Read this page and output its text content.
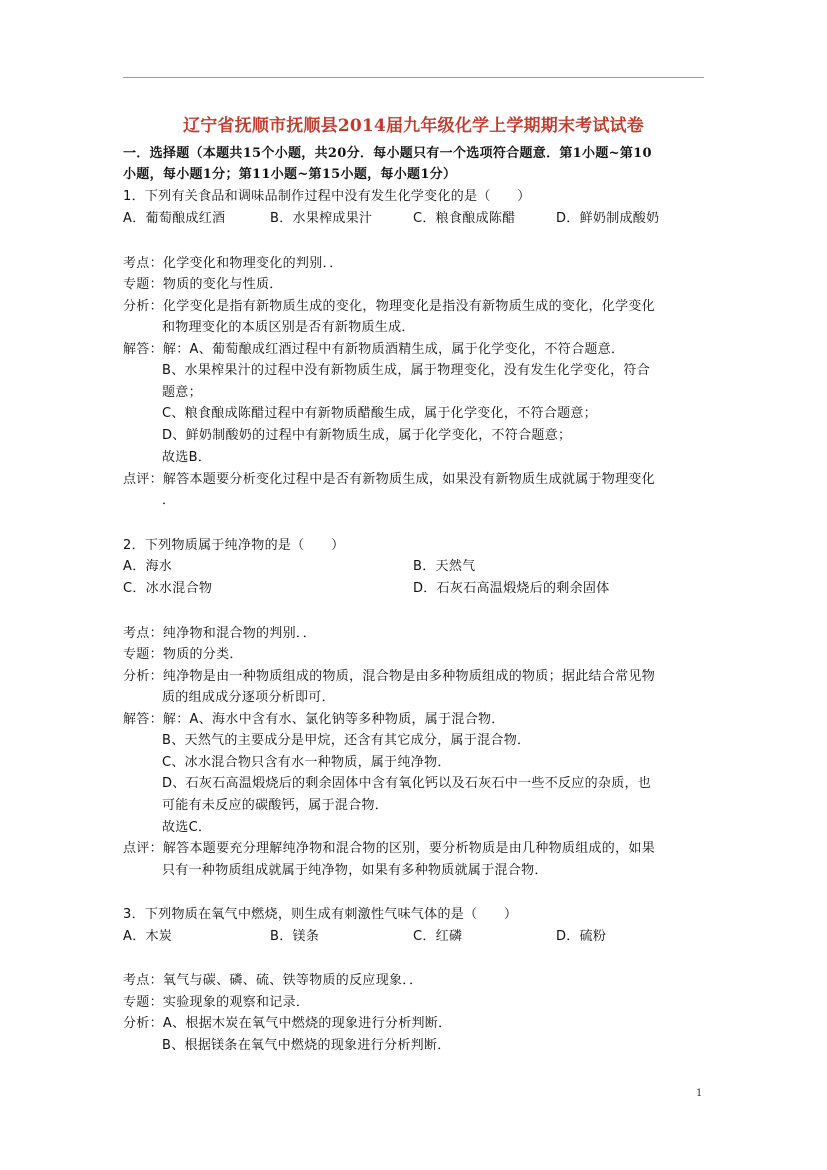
辽宁省抚顺市抚顺县2014届九年级化学上学期期末考试试卷
一．选择题（本题共15个小题，共20分．每小题只有一个选项符合题意．第1小题~第10
小题，每小题1分；第11小题~第15小题，每小题1分）
1．下列有关食品和调味品制作过程中没有发生化学变化的是（　　）
A．葡萄酿成红酒	B．水果榨成果汁	C．粮食酿成陈醋	D．鲜奶制成酸奶
考点：化学变化和物理变化的判别．．
专题：物质的变化与性质．
分析：化学变化是指有新物质生成的变化，物理变化是指没有新物质生成的变化，化学变化
和物理变化的本质区别是否有新物质生成．
解答：解：A、葡萄酿成红酒过程中有新物质酒精生成，属于化学变化，不符合题意．
B、水果榨果汁的过程中没有新物质生成，属于物理变化，没有发生化学变化，符合
题意；
C、粮食酿成陈醋过程中有新物质醋酸生成，属于化学变化，不符合题意；
D、鲜奶制酸奶的过程中有新物质生成，属于化学变化，不符合题意；
故选B．
点评：解答本题要分析变化过程中是否有新物质生成，如果没有新物质生成就属于物理变化
．
2．下列物质属于纯净物的是（　　）
A．海水	B．天然气
C．冰水混合物	D．石灰石高温煅烧后的剩余固体
考点：纯净物和混合物的判别．．
专题：物质的分类．
分析：纯净物是由一种物质组成的物质，混合物是由多种物质组成的物质；据此结合常见物
质的组成成分逐项分析即可．
解答：解：A、海水中含有水、氯化钠等多种物质，属于混合物．
B、天然气的主要成分是甲烷，还含有其它成分，属于混合物．
C、冰水混合物只含有水一种物质，属于纯净物．
D、石灰石高温煅烧后的剩余固体中含有氧化钙以及石灰石中一些不反应的杂质，也
可能有未反应的碳酸钙，属于混合物．
故选C．
点评：解答本题要充分理解纯净物和混合物的区别，要分析物质是由几种物质组成的，如果
只有一种物质组成就属于纯净物，如果有多种物质就属于混合物．
3．下列物质在氧气中燃烧，则生成有刺激性气味气体的是（　　）
A．木炭	B．镁条	C．红磷	D．硫粉
考点：氧气与碳、磷、硫、铁等物质的反应现象．．
专题：实验现象的观察和记录．
分析：A、根据木炭在氧气中燃烧的现象进行分析判断．
B、根据镁条在氧气中燃烧的现象进行分析判断．
1
